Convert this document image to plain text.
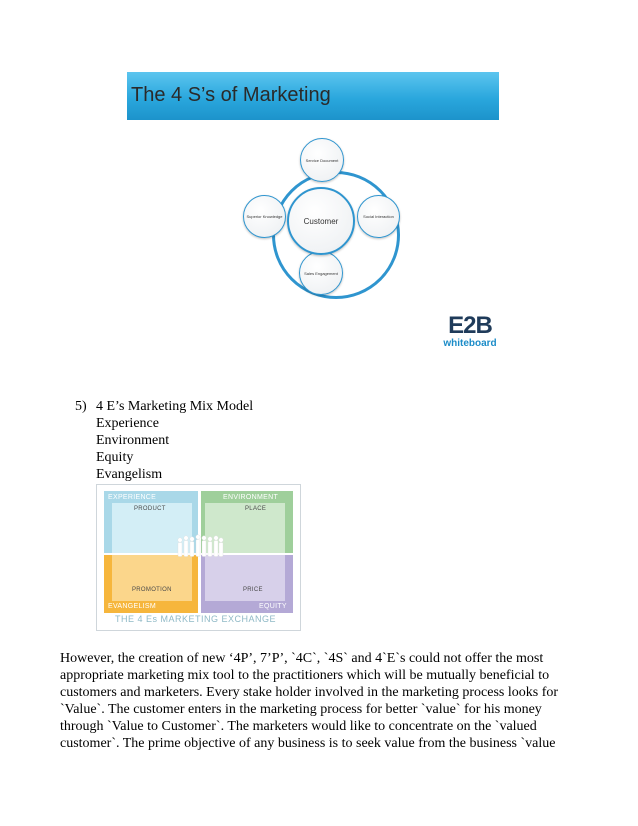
The 4 S’s of Marketing
Service Document
Superior Knowledge	Social Interaction
Sales Engagement
Customer
E2B
whiteboard
5) 4 E’s Marketing Mix Model
Experience
Environment
Equity
Evangelism
EXPERIENCE
PRODUCT
ENVIRONMENT
PLACE
PROMOTION
EVANGELISM
PRICE
EQUITY
THE 4 Es MARKETING EXCHANGE
However, the creation of new ‘4P’, 7’P’, `4C`, `4S` and 4`E`s could not offer the most
appropriate marketing mix tool to the practitioners which will be mutually beneficial to
customers and marketers. Every stake holder involved in the marketing process looks for
`Value`. The customer enters in the marketing process for better `value` for his money
through `Value to Customer`. The marketers would like to concentrate on the `valued
customer`. The prime objective of any business is to seek value from the business `value
